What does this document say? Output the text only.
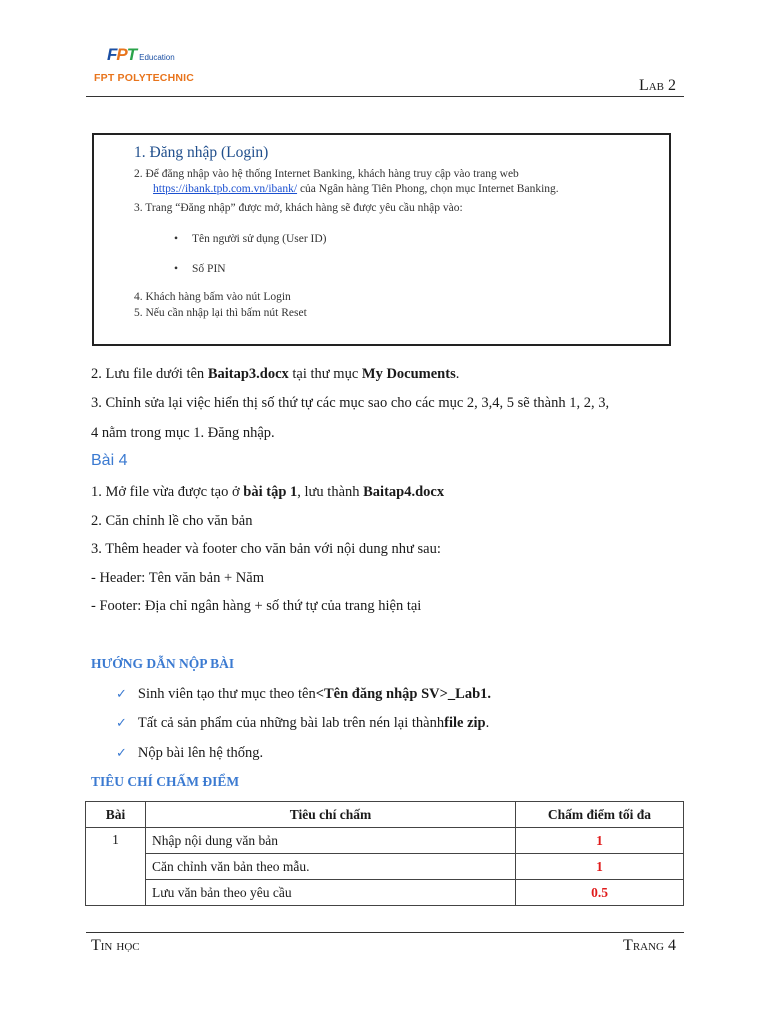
FPT Education
FPT POLYTECHNIC	Lab 2
1. Đăng nhập (Login)
2. Để đăng nhập vào hệ thống Internet Banking, khách hàng truy cập vào trang web
https://ibank.tpb.com.vn/ibank/ của Ngân hàng Tiên Phong, chọn mục Internet Banking.
3. Trang “Đăng nhập” được mở, khách hàng sẽ được yêu cầu nhập vào:
• Tên người sử dụng (User ID)
• Số PIN
4. Khách hàng bấm vào nút Login
5. Nếu cần nhập lại thì bấm nút Reset
2. Lưu file dưới tên Baitap3.docx tại thư mục My Documents.
3. Chỉnh sửa lại việc hiển thị số thứ tự các mục sao cho các mục 2, 3,4, 5 sẽ thành 1, 2, 3,
4 nằm trong mục 1. Đăng nhập.
Bài 4
1. Mở file vừa được tạo ở bài tập 1, lưu thành Baitap4.docx
2. Căn chỉnh lề cho văn bản
3. Thêm header và footer cho văn bản với nội dung như sau:
- Header: Tên văn bản + Năm
- Footer: Địa chỉ ngân hàng + số thứ tự của trang hiện tại
HƯỚNG DẪN NỘP BÀI
✓ Sinh viên tạo thư mục theo tên <Tên đăng nhập SV>_Lab1.
✓ Tất cả sản phẩm của những bài lab trên nén lại thành file zip .
✓ Nộp bài lên hệ thống.
TIÊU CHÍ CHẤM ĐIỂM
Bài	Tiêu chí chấm	Chấm điểm tối đa
1	Nhập nội dung văn bản	1
	Căn chỉnh văn bản theo mẫu.	1
	Lưu văn bản theo yêu cầu	0.5
Tin học	Trang 4
